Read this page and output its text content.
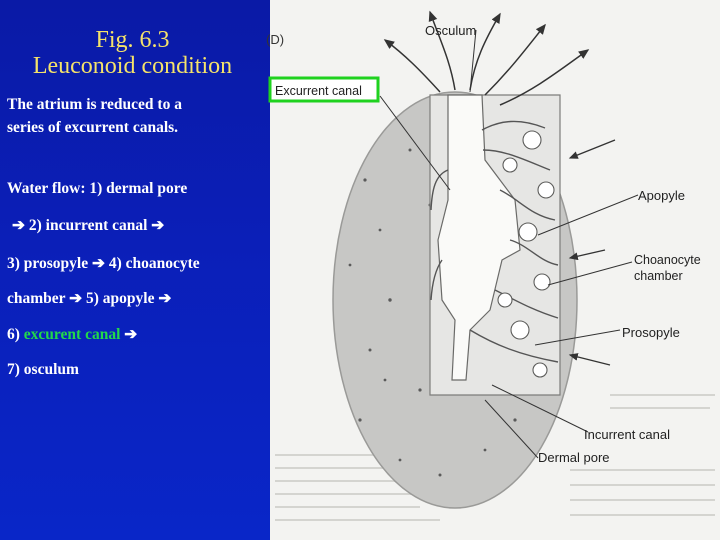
Fig. 6.3
Leuconoid condition
The atrium is reduced to a
series of excurrent canals.
Water flow: 1) dermal pore
➔ 2) incurrent canal ➔
3) prosopyle ➔ 4) choanocyte
chamber ➔ 5) apopyle ➔
6) excurent canal ➔
7) osculum
(D)
Osculum
Excurrent canal
Apopyle
Choanocyte
chamber
Prosopyle
Incurrent canal
Dermal pore
